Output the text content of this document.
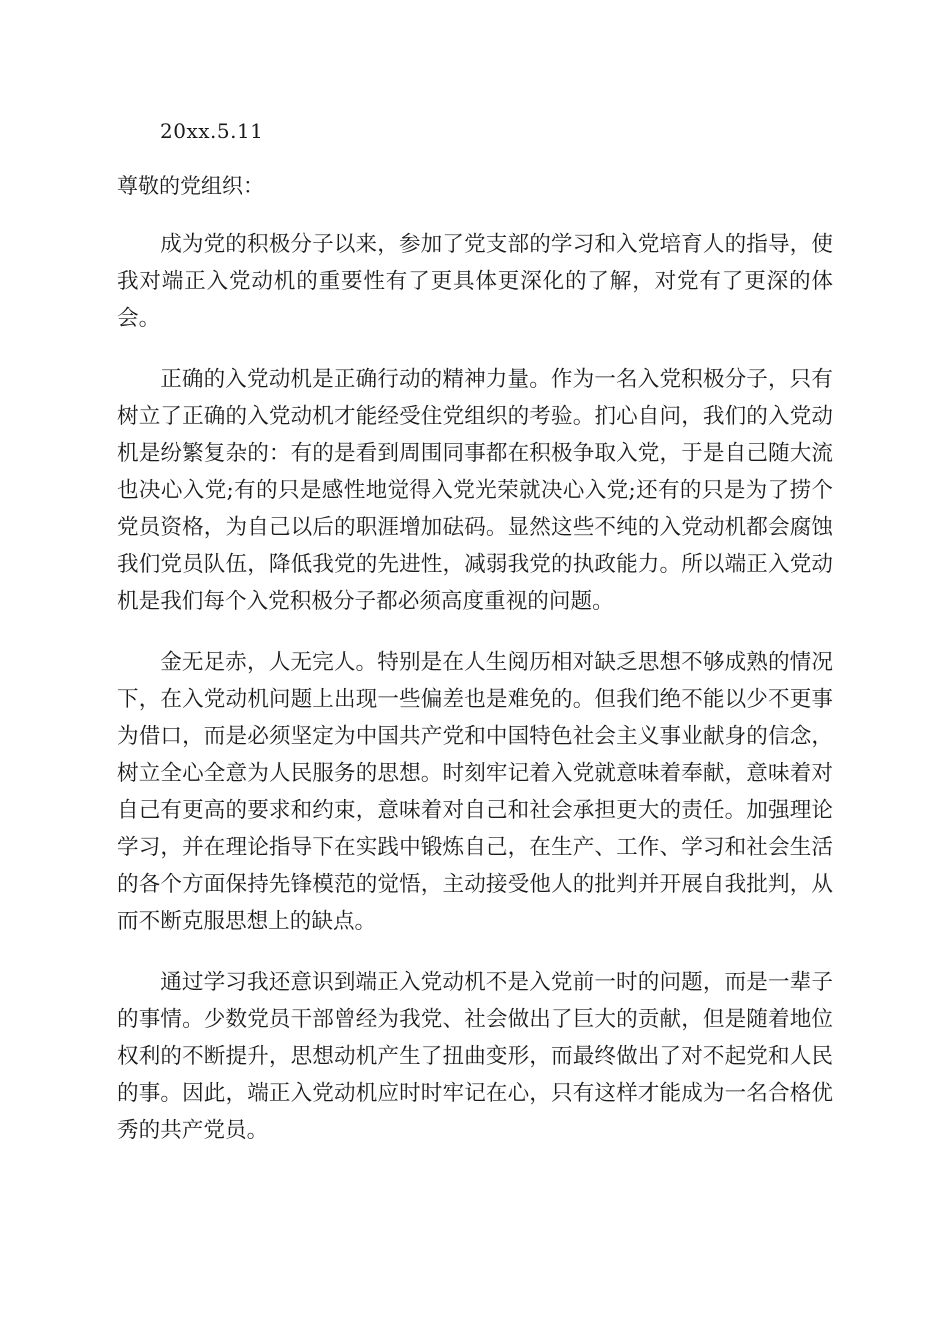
20xx.5.11
尊敬的党组织：

成为党的积极分子以来，参加了党支部的学习和入党培育人的指导，使我对端正入党动机的重要性有了更具体更深化的了解，对党有了更深的体会。

正确的入党动机是正确行动的精神力量。作为一名入党积极分子，只有树立了正确的入党动机才能经受住党组织的考验。扪心自问，我们的入党动机是纷繁复杂的：有的是看到周围同事都在积极争取入党，于是自己随大流也决心入党;有的只是感性地觉得入党光荣就决心入党;还有的只是为了捞个党员资格，为自己以后的职涯增加砝码。显然这些不纯的入党动机都会腐蚀我们党员队伍，降低我党的先进性，减弱我党的执政能力。所以端正入党动机是我们每个入党积极分子都必须高度重视的问题。

金无足赤，人无完人。特别是在人生阅历相对缺乏思想不够成熟的情况下，在入党动机问题上出现一些偏差也是难免的。但我们绝不能以少不更事为借口，而是必须坚定为中国共产党和中国特色社会主义事业献身的信念，树立全心全意为人民服务的思想。时刻牢记着入党就意味着奉献，意味着对自己有更高的要求和约束，意味着对自己和社会承担更大的责任。加强理论学习，并在理论指导下在实践中锻炼自己，在生产、工作、学习和社会生活的各个方面保持先锋模范的觉悟，主动接受他人的批判并开展自我批判，从而不断克服思想上的缺点。

通过学习我还意识到端正入党动机不是入党前一时的问题，而是一辈子的事情。少数党员干部曾经为我党、社会做出了巨大的贡献，但是随着地位权利的不断提升，思想动机产生了扭曲变形，而最终做出了对不起党和人民的事。因此，端正入党动机应时时牢记在心，只有这样才能成为一名合格优秀的共产党员。
